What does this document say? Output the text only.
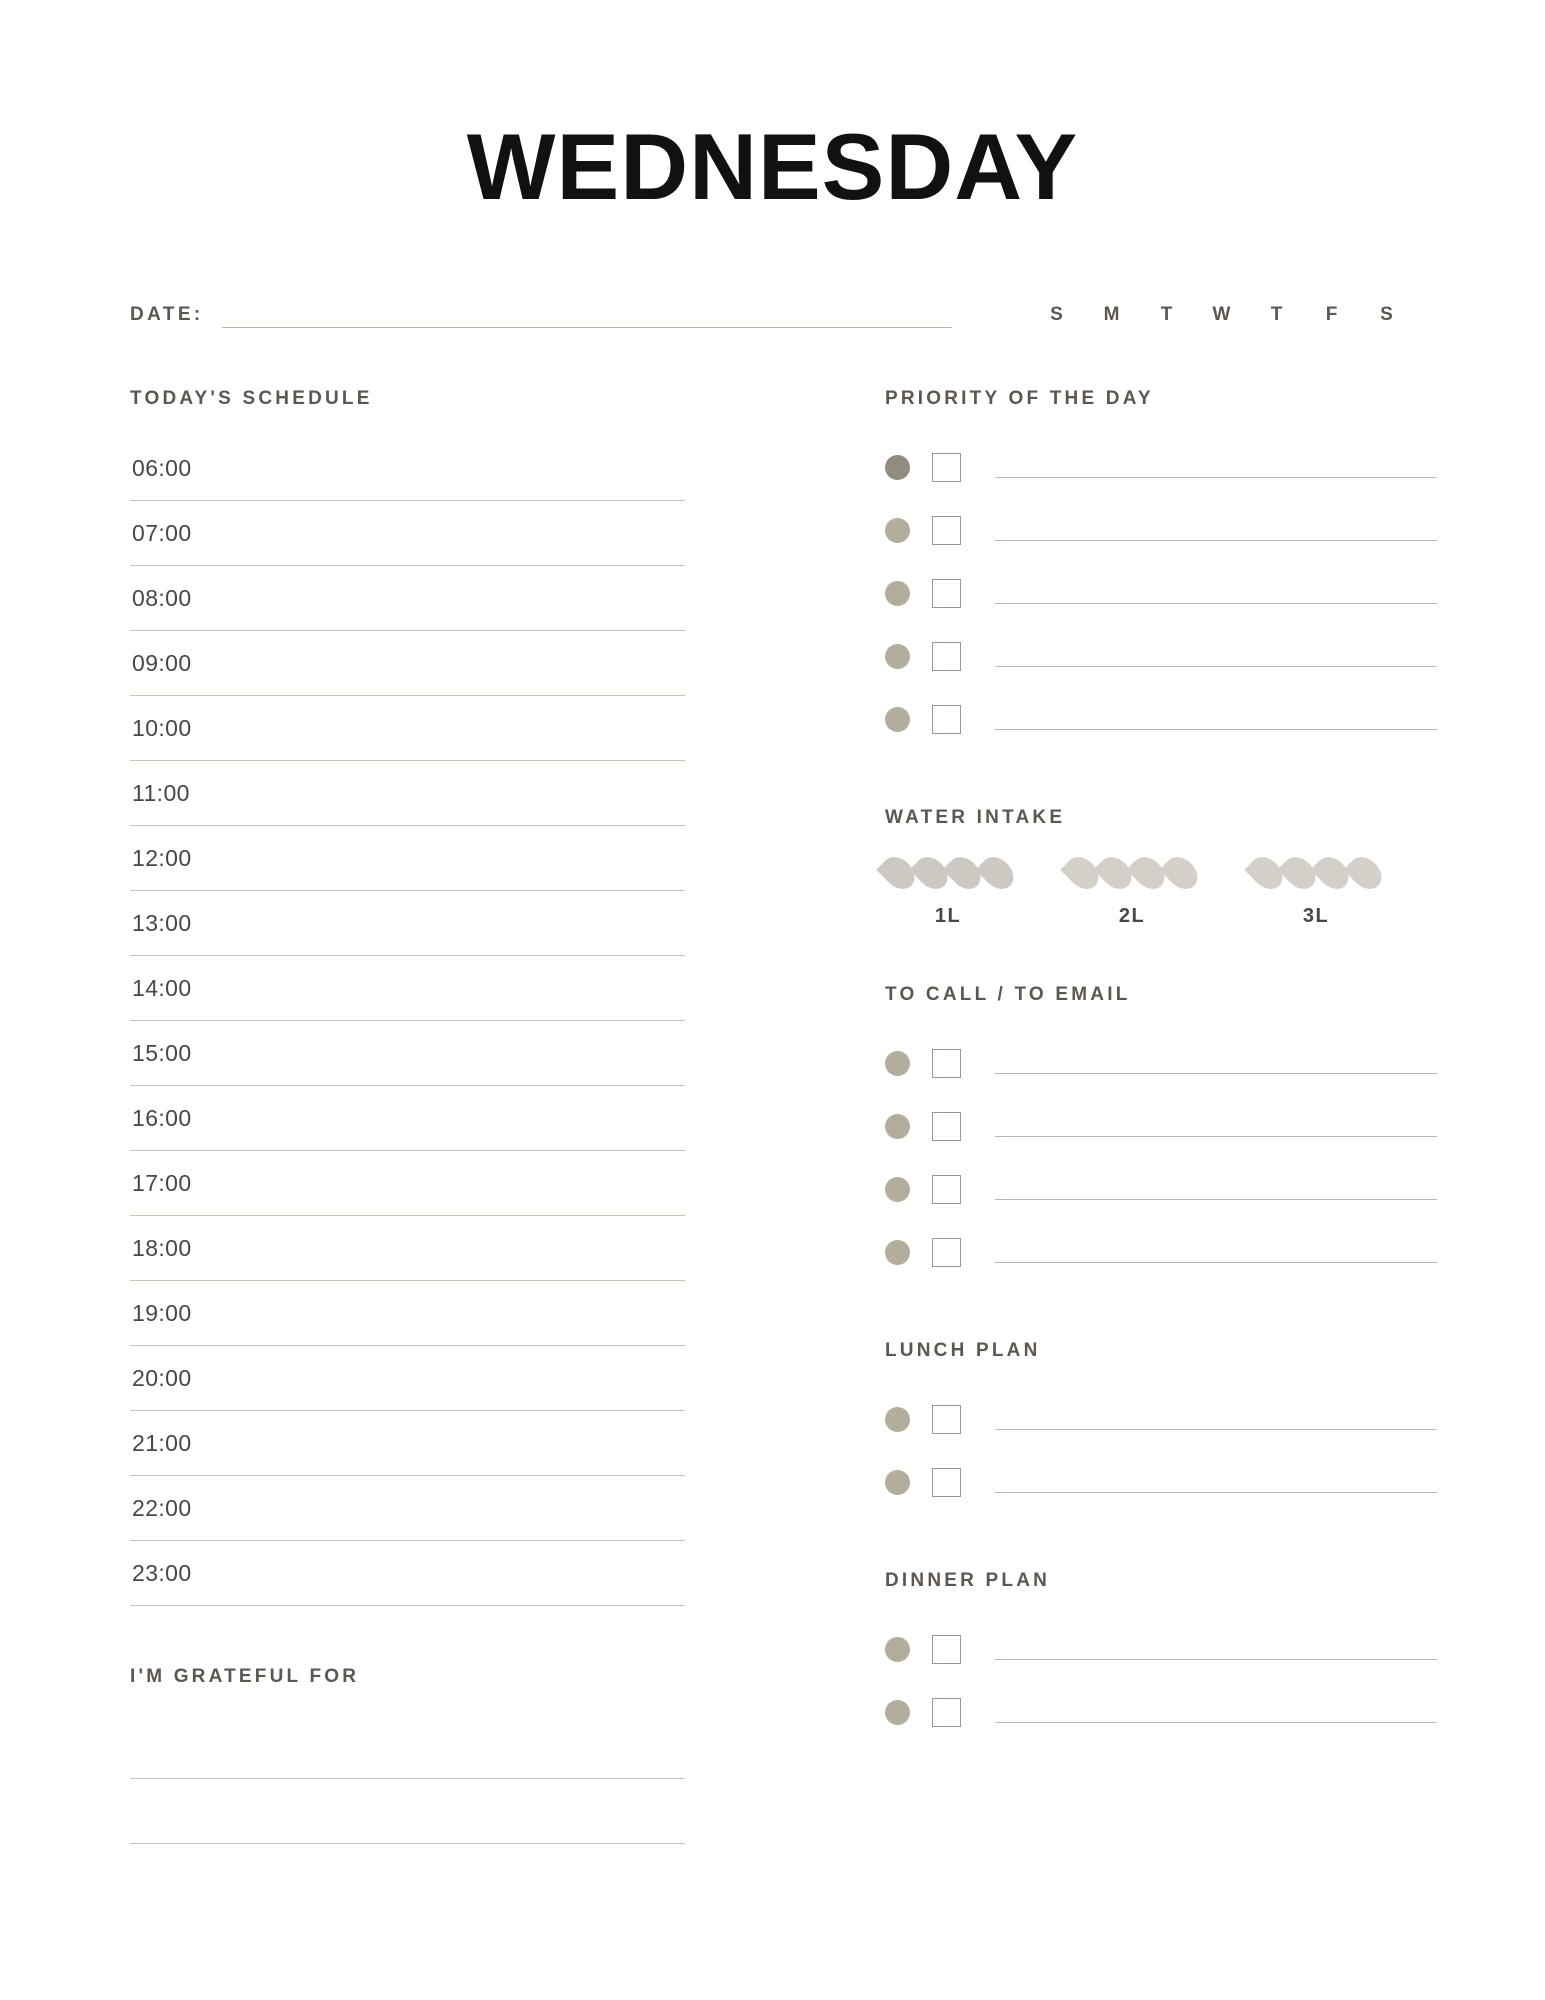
WEDNESDAY
DATE:	S	M	T	W	T	F	S
TODAY'S SCHEDULE
06:00
07:00
08:00
09:00
10:00
11:00
12:00
13:00
14:00
15:00
16:00
17:00
18:00
19:00
20:00
21:00
22:00
23:00
I'M GRATEFUL FOR
PRIORITY OF THE DAY
WATER INTAKE
1L	2L	3L
TO CALL / TO EMAIL
LUNCH PLAN
DINNER PLAN
